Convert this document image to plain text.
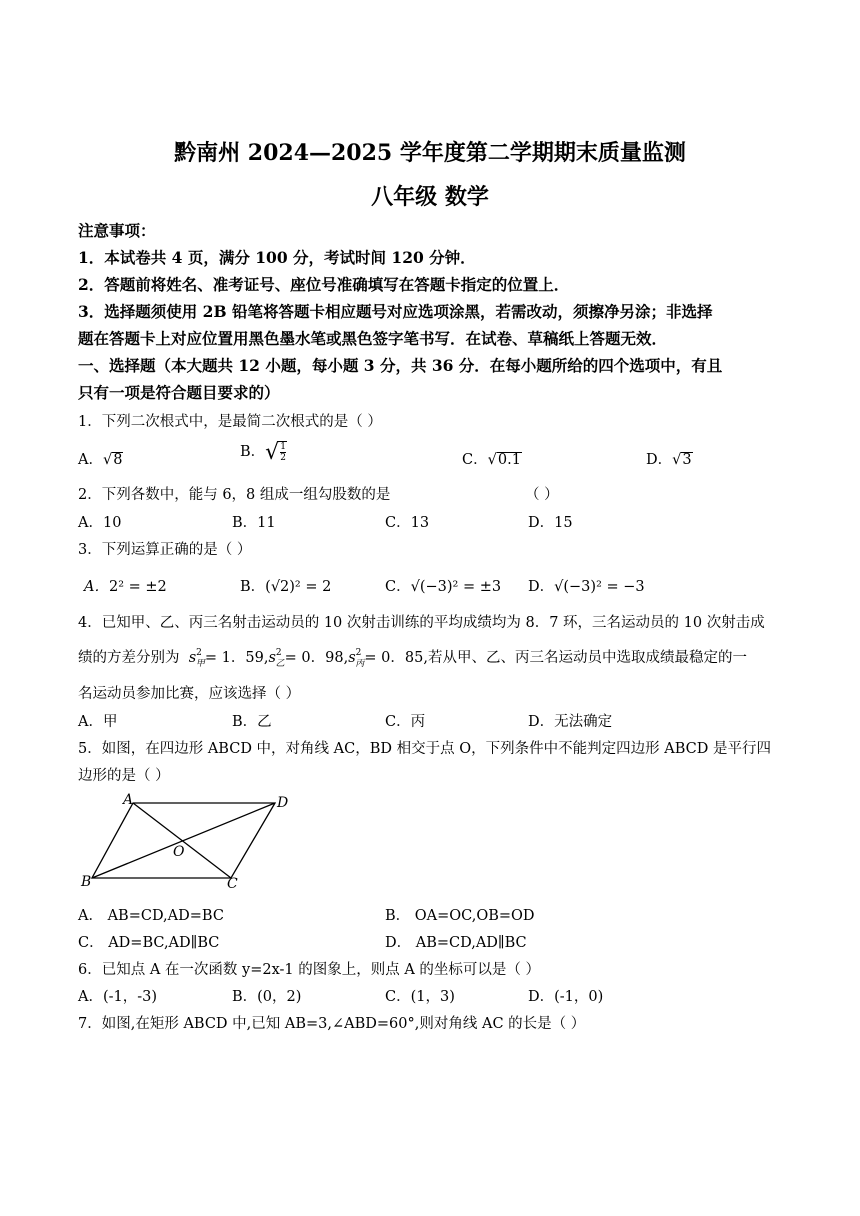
黔南州 2024—2025 学年度第二学期期末质量监测
八年级 数学
注意事项：
1．本试卷共 4 页，满分 100 分，考试时间 120 分钟．
2．答题前将姓名、准考证号、座位号准确填写在答题卡指定的位置上．
3．选择题须使用 2B 铅笔将答题卡相应题号对应选项涂黑，若需改动，须擦净另涂；非选择
题在答题卡上对应位置用黑色墨水笔或黑色签字笔书写．在试卷、草稿纸上答题无效．
一、选择题（本大题共 12 小题，每小题 3 分，共 36 分．在每小题所给的四个选项中，有且
只有一项是符合题目要求的）
1．下列二次根式中，是最简二次根式的是（ ）
A．√8	B．√ $\frac{1}{2}$	C．√0.1	D．√3
2．下列各数中，能与 6，8 组成一组勾股数的是	（ ）
A．10	B．11	C．13	D．15
3．下列运算正确的是（ ）
A．2² = ±2	B．(√2)² = 2	C．√(−3)² = ±3 D．√(−3)² = −3
4．已知甲、乙、丙三名射击运动员的 10 次射击训练的平均成绩均为 8．7 环，三名运动员的 10 次射击成
绩的方差分别为  $s^2_甲= 1$．$59,s^2_乙= 0$．$98,s^2_丙= 0$．85,若从甲、乙、丙三名运动员中选取成绩最稳定的一
名运动员参加比赛，应该选择（ ）
A．甲	B．乙	C．丙	D．无法确定
5．如图，在四边形 ABCD 中，对角线 AC，BD 相交于点 O，下列条件中不能判定四边形 ABCD 是平行四
边形的是（ ）
A	D
O
B	C
A． AB=CD,AD=BC	B． OA=OC,OB=OD
C． AD=BC,AD∥BC	D． AB=CD,AD∥BC
6．已知点 A 在一次函数 y=2x-1 的图象上，则点 A 的坐标可以是（ ）
A．(-1，-3)	B．(0，2)	C．(1，3)	D．(-1，0)
7．如图,在矩形 ABCD 中,已知 AB=3,∠ABD=60°,则对角线 AC 的长是（ ）
